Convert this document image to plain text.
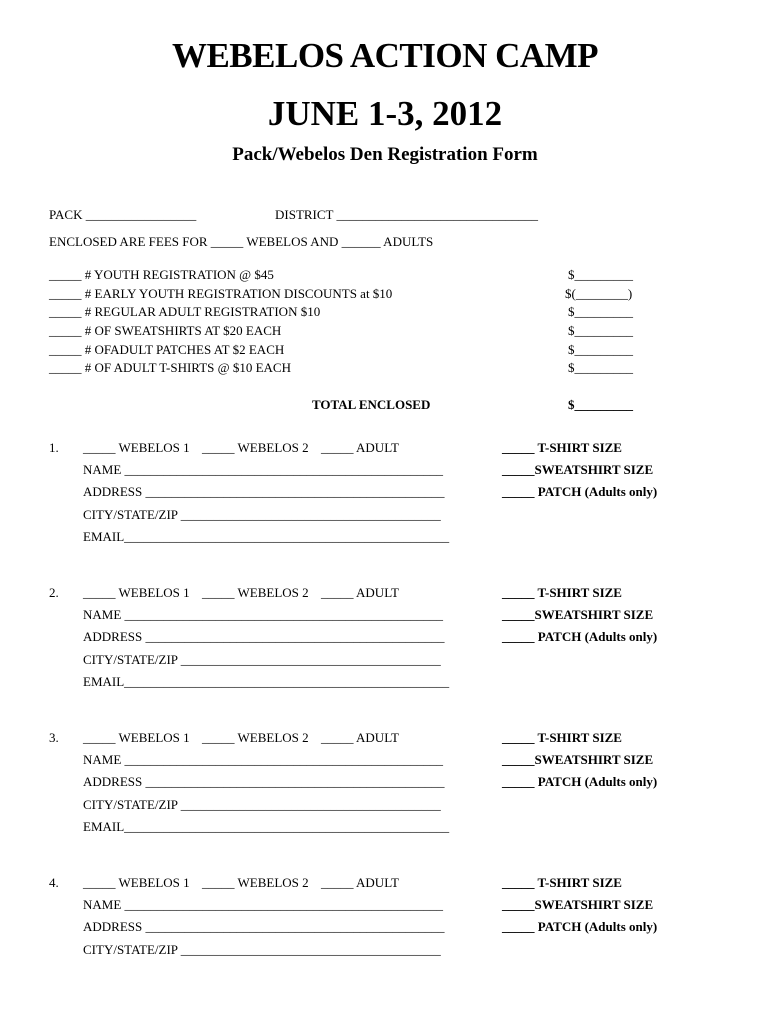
WEBELOS ACTION CAMP
JUNE 1-3, 2012
Pack/Webelos Den Registration Form
PACK _________________	DISTRICT _______________________________
ENCLOSED ARE FEES FOR _____ WEBELOS AND ______ ADULTS
_____ # YOUTH REGISTRATION @ $45	$_________
_____ # EARLY YOUTH REGISTRATION DISCOUNTS at $10	$(________)
_____ # REGULAR ADULT REGISTRATION $10	$_________
_____ # OF SWEATSHIRTS AT $20 EACH	$_________
_____ # OFADULT PATCHES AT $2 EACH	$_________
_____ # OF ADULT T-SHIRTS @ $10 EACH	$_________
TOTAL ENCLOSED	$_________
1. _____ WEBELOS 1 _____ WEBELOS 2 _____ ADULT
NAME _________________________________________________
ADDRESS ______________________________________________
CITY/STATE/ZIP ________________________________________
EMAIL__________________________________________________
_____ T-SHIRT SIZE
_____SWEATSHIRT SIZE
_____ PATCH (Adults only)
2. _____ WEBELOS 1 _____ WEBELOS 2 _____ ADULT
NAME _________________________________________________
ADDRESS ______________________________________________
CITY/STATE/ZIP ________________________________________
EMAIL__________________________________________________
_____ T-SHIRT SIZE
_____SWEATSHIRT SIZE
_____ PATCH (Adults only)
3. _____ WEBELOS 1 _____ WEBELOS 2 _____ ADULT
NAME _________________________________________________
ADDRESS ______________________________________________
CITY/STATE/ZIP ________________________________________
EMAIL__________________________________________________
_____ T-SHIRT SIZE
_____SWEATSHIRT SIZE
_____ PATCH (Adults only)
4. _____ WEBELOS 1 _____ WEBELOS 2 _____ ADULT
NAME _________________________________________________
ADDRESS ______________________________________________
CITY/STATE/ZIP ________________________________________
_____ T-SHIRT SIZE
_____SWEATSHIRT SIZE
_____ PATCH (Adults only)
